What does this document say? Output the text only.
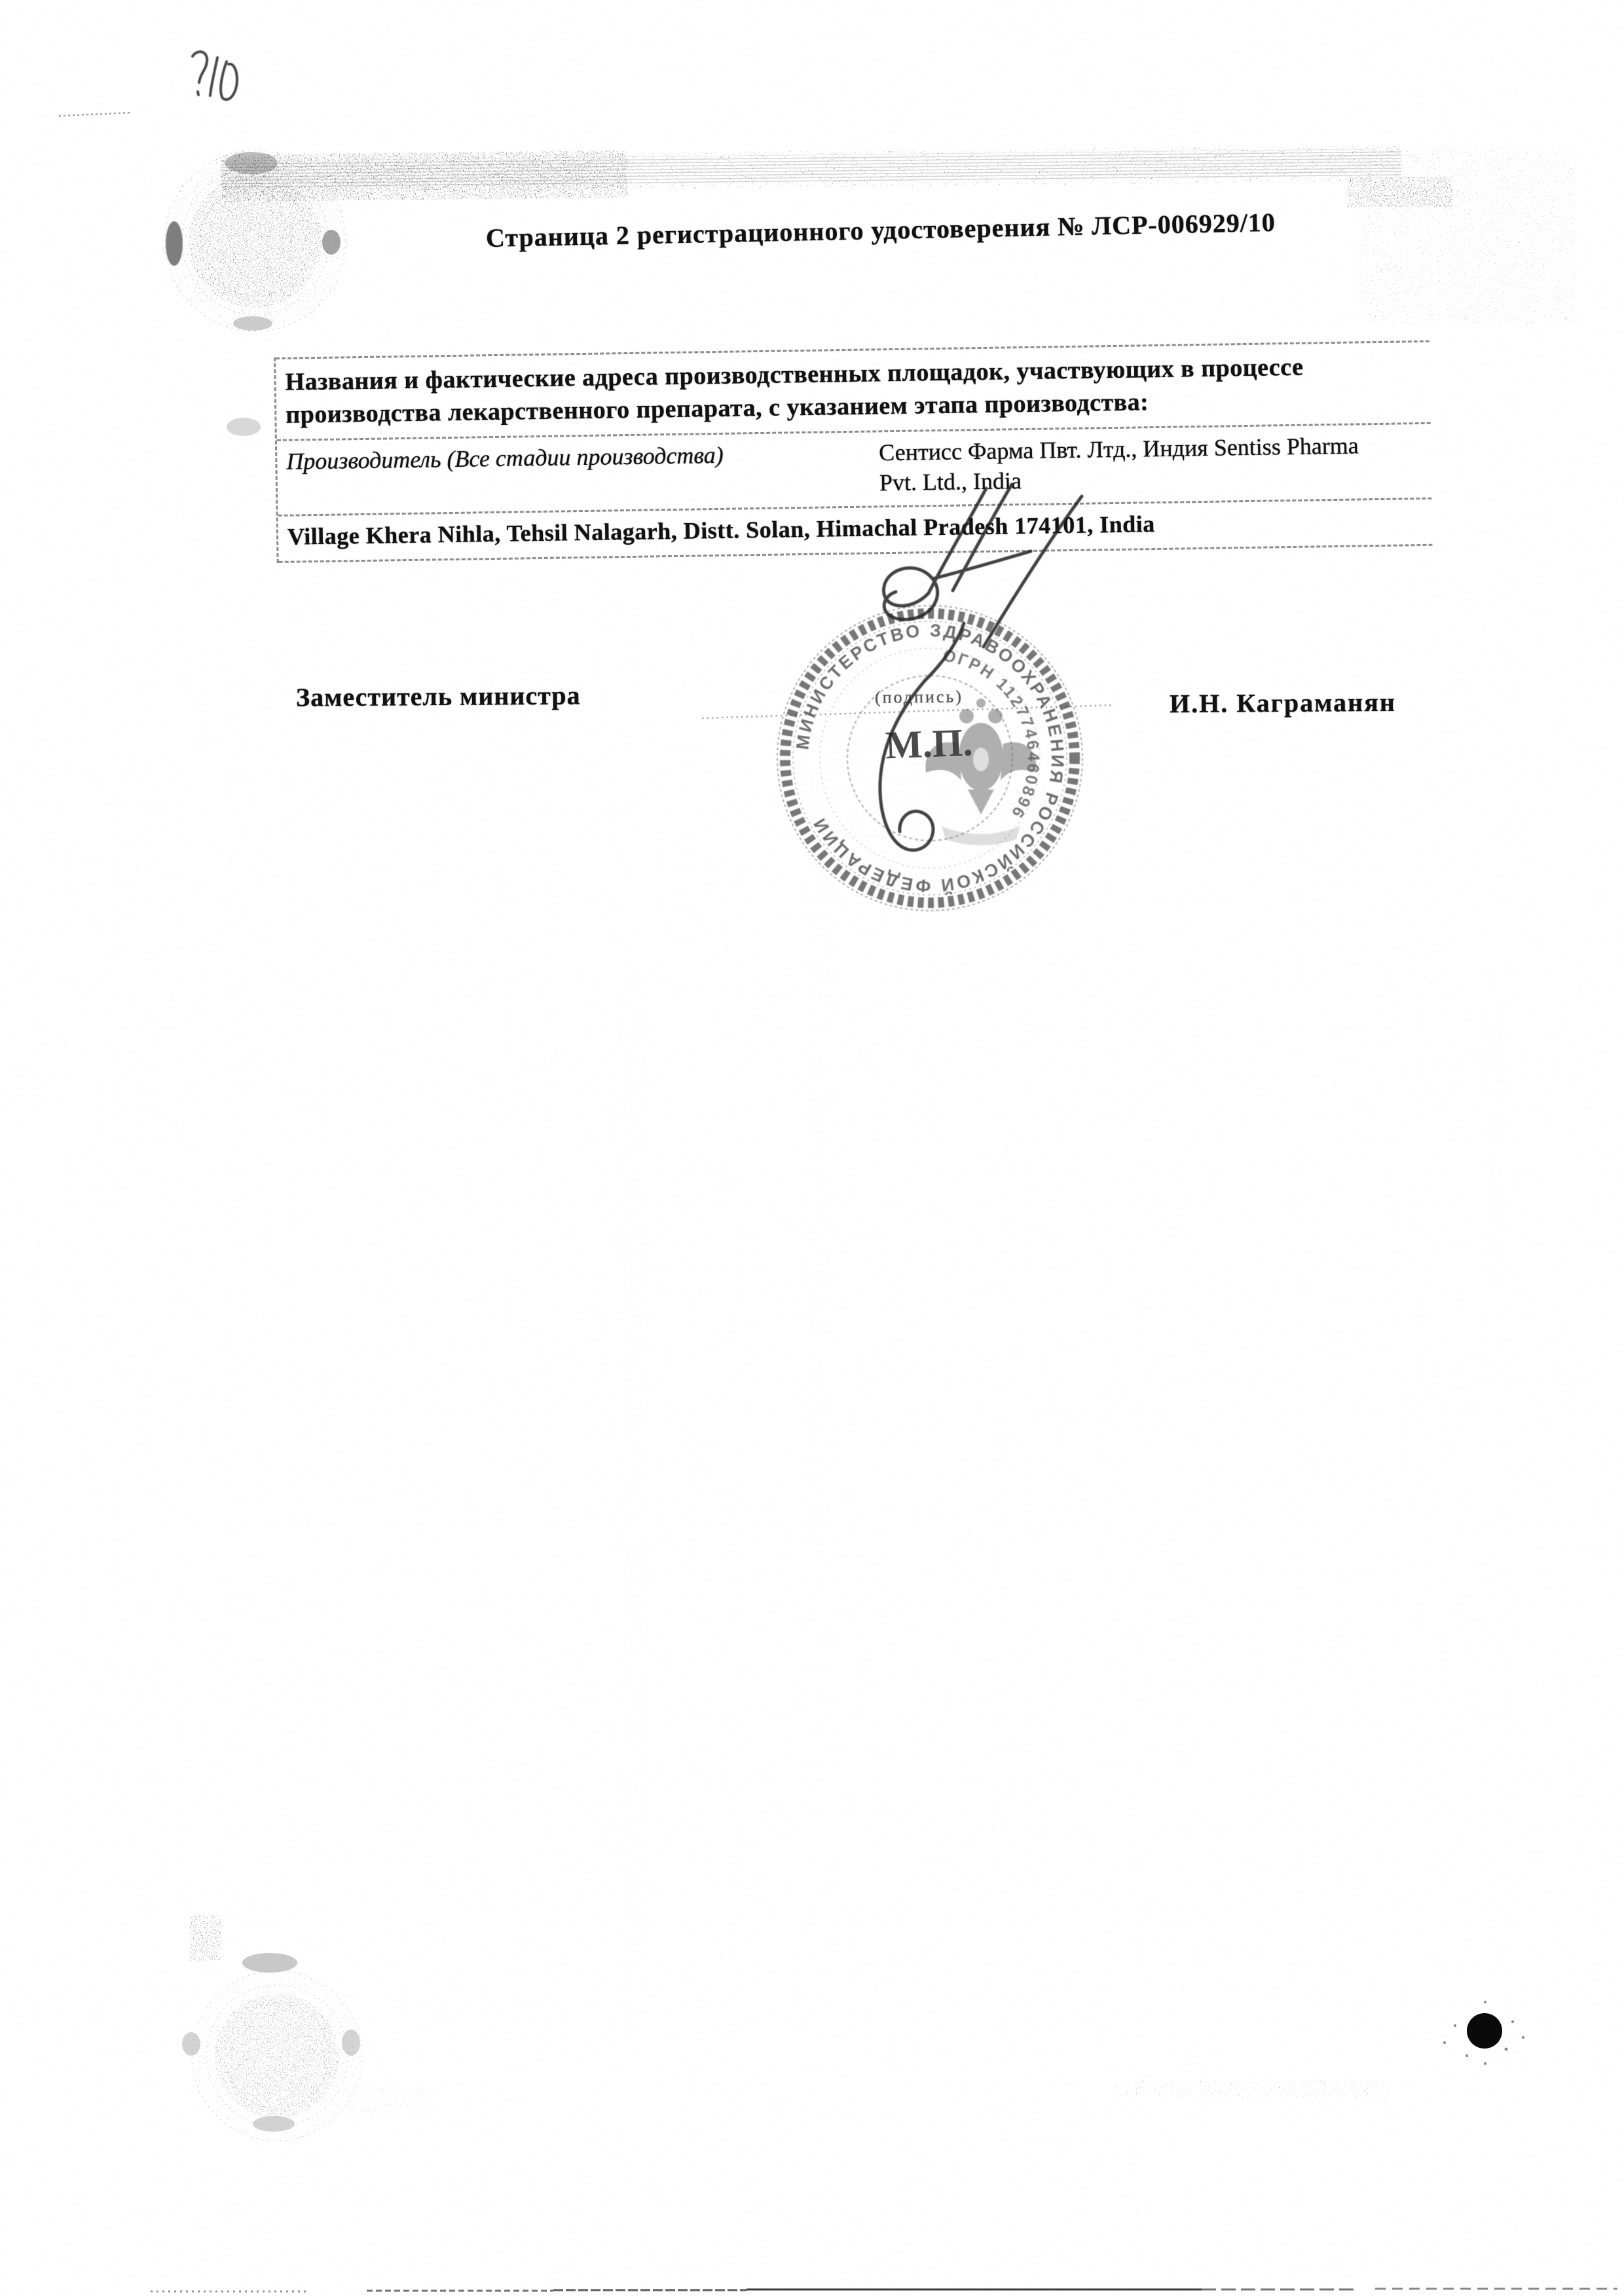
Страница 2 регистрационного удостоверения № ЛСР-006929/10
Названия и фактические адреса производственных площадок, участвующих в процессе
производства лекарственного препарата, с указанием этапа производства:
Производитель (Все стадии производства)	Сентисс Фарма Пвт. Лтд., Индия Sentiss Pharma
Pvt. Ltd., India
Village Khera Nihla, Tehsil Nalagarh, Distt. Solan, Himachal Pradesh 174101, India
Заместитель министра	(подпись)	И.Н. Каграманян
М.П.
МИНИСТЕРСТВО ЗДРАВООХРАНЕНИЯ РОССИЙСКОЙ ФЕДЕРАЦИИ
ОГРН 1127746460896
